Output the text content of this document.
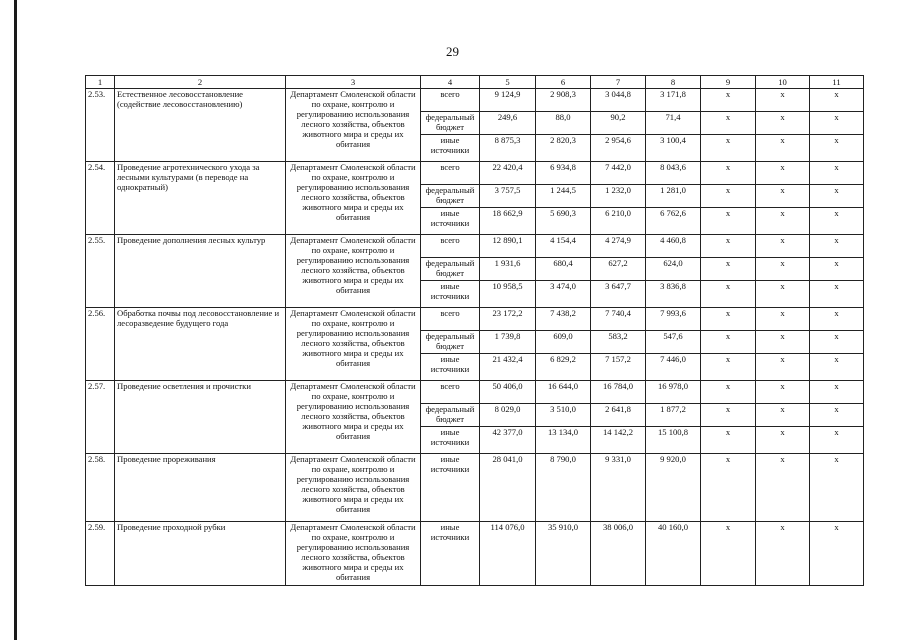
29
1	2	3	4	5	6	7	8	9	10	11
2.53.	Естественное лесовосстановление (содействие лесовосстановлению)	Департамент Смоленской области по охране, контролю и регулированию использования лесного хозяйства, объектов животного мира и среды их обитания	всего	9 124,9	2 908,3	3 044,8	3 171,8	x	x	x
			федеральный бюджет	249,6	88,0	90,2	71,4	x	x	x
			иные источники	8 875,3	2 820,3	2 954,6	3 100,4	x	x	x
2.54.	Проведение агротехнического ухода за лесными культурами (в переводе на однократный)	Департамент Смоленской области по охране, контролю и регулированию использования лесного хозяйства, объектов животного мира и среды их обитания	всего	22 420,4	6 934,8	7 442,0	8 043,6	x	x	x
			федеральный бюджет	3 757,5	1 244,5	1 232,0	1 281,0	x	x	x
			иные источники	18 662,9	5 690,3	6 210,0	6 762,6	x	x	x
2.55.	Проведение дополнения лесных культур	Департамент Смоленской области по охране, контролю и регулированию использования лесного хозяйства, объектов животного мира и среды их обитания	всего	12 890,1	4 154,4	4 274,9	4 460,8	x	x	x
			федеральный бюджет	1 931,6	680,4	627,2	624,0	x	x	x
			иные источники	10 958,5	3 474,0	3 647,7	3 836,8	x	x	x
2.56.	Обработка почвы под лесовосстановление и лесоразведение будущего года	Департамент Смоленской области по охране, контролю и регулированию использования лесного хозяйства, объектов животного мира и среды их обитания	всего	23 172,2	7 438,2	7 740,4	7 993,6	x	x	x
			федеральный бюджет	1 739,8	609,0	583,2	547,6	x	x	x
			иные источники	21 432,4	6 829,2	7 157,2	7 446,0	x	x	x
2.57.	Проведение осветления и прочистки	Департамент Смоленской области по охране, контролю и регулированию использования лесного хозяйства, объектов животного мира и среды их обитания	всего	50 406,0	16 644,0	16 784,0	16 978,0	x	x	x
			федеральный бюджет	8 029,0	3 510,0	2 641,8	1 877,2	x	x	x
			иные источники	42 377,0	13 134,0	14 142,2	15 100,8	x	x	x
2.58.	Проведение прореживания	Департамент Смоленской области по охране, контролю и регулированию использования лесного хозяйства, объектов животного мира и среды их обитания	иные источники	28 041,0	8 790,0	9 331,0	9 920,0	x	x	x
2.59.	Проведение проходной рубки	Департамент Смоленской области по охране, контролю и регулированию использования лесного хозяйства, объектов животного мира и среды их обитания	иные источники	114 076,0	35 910,0	38 006,0	40 160,0	x	x	x
